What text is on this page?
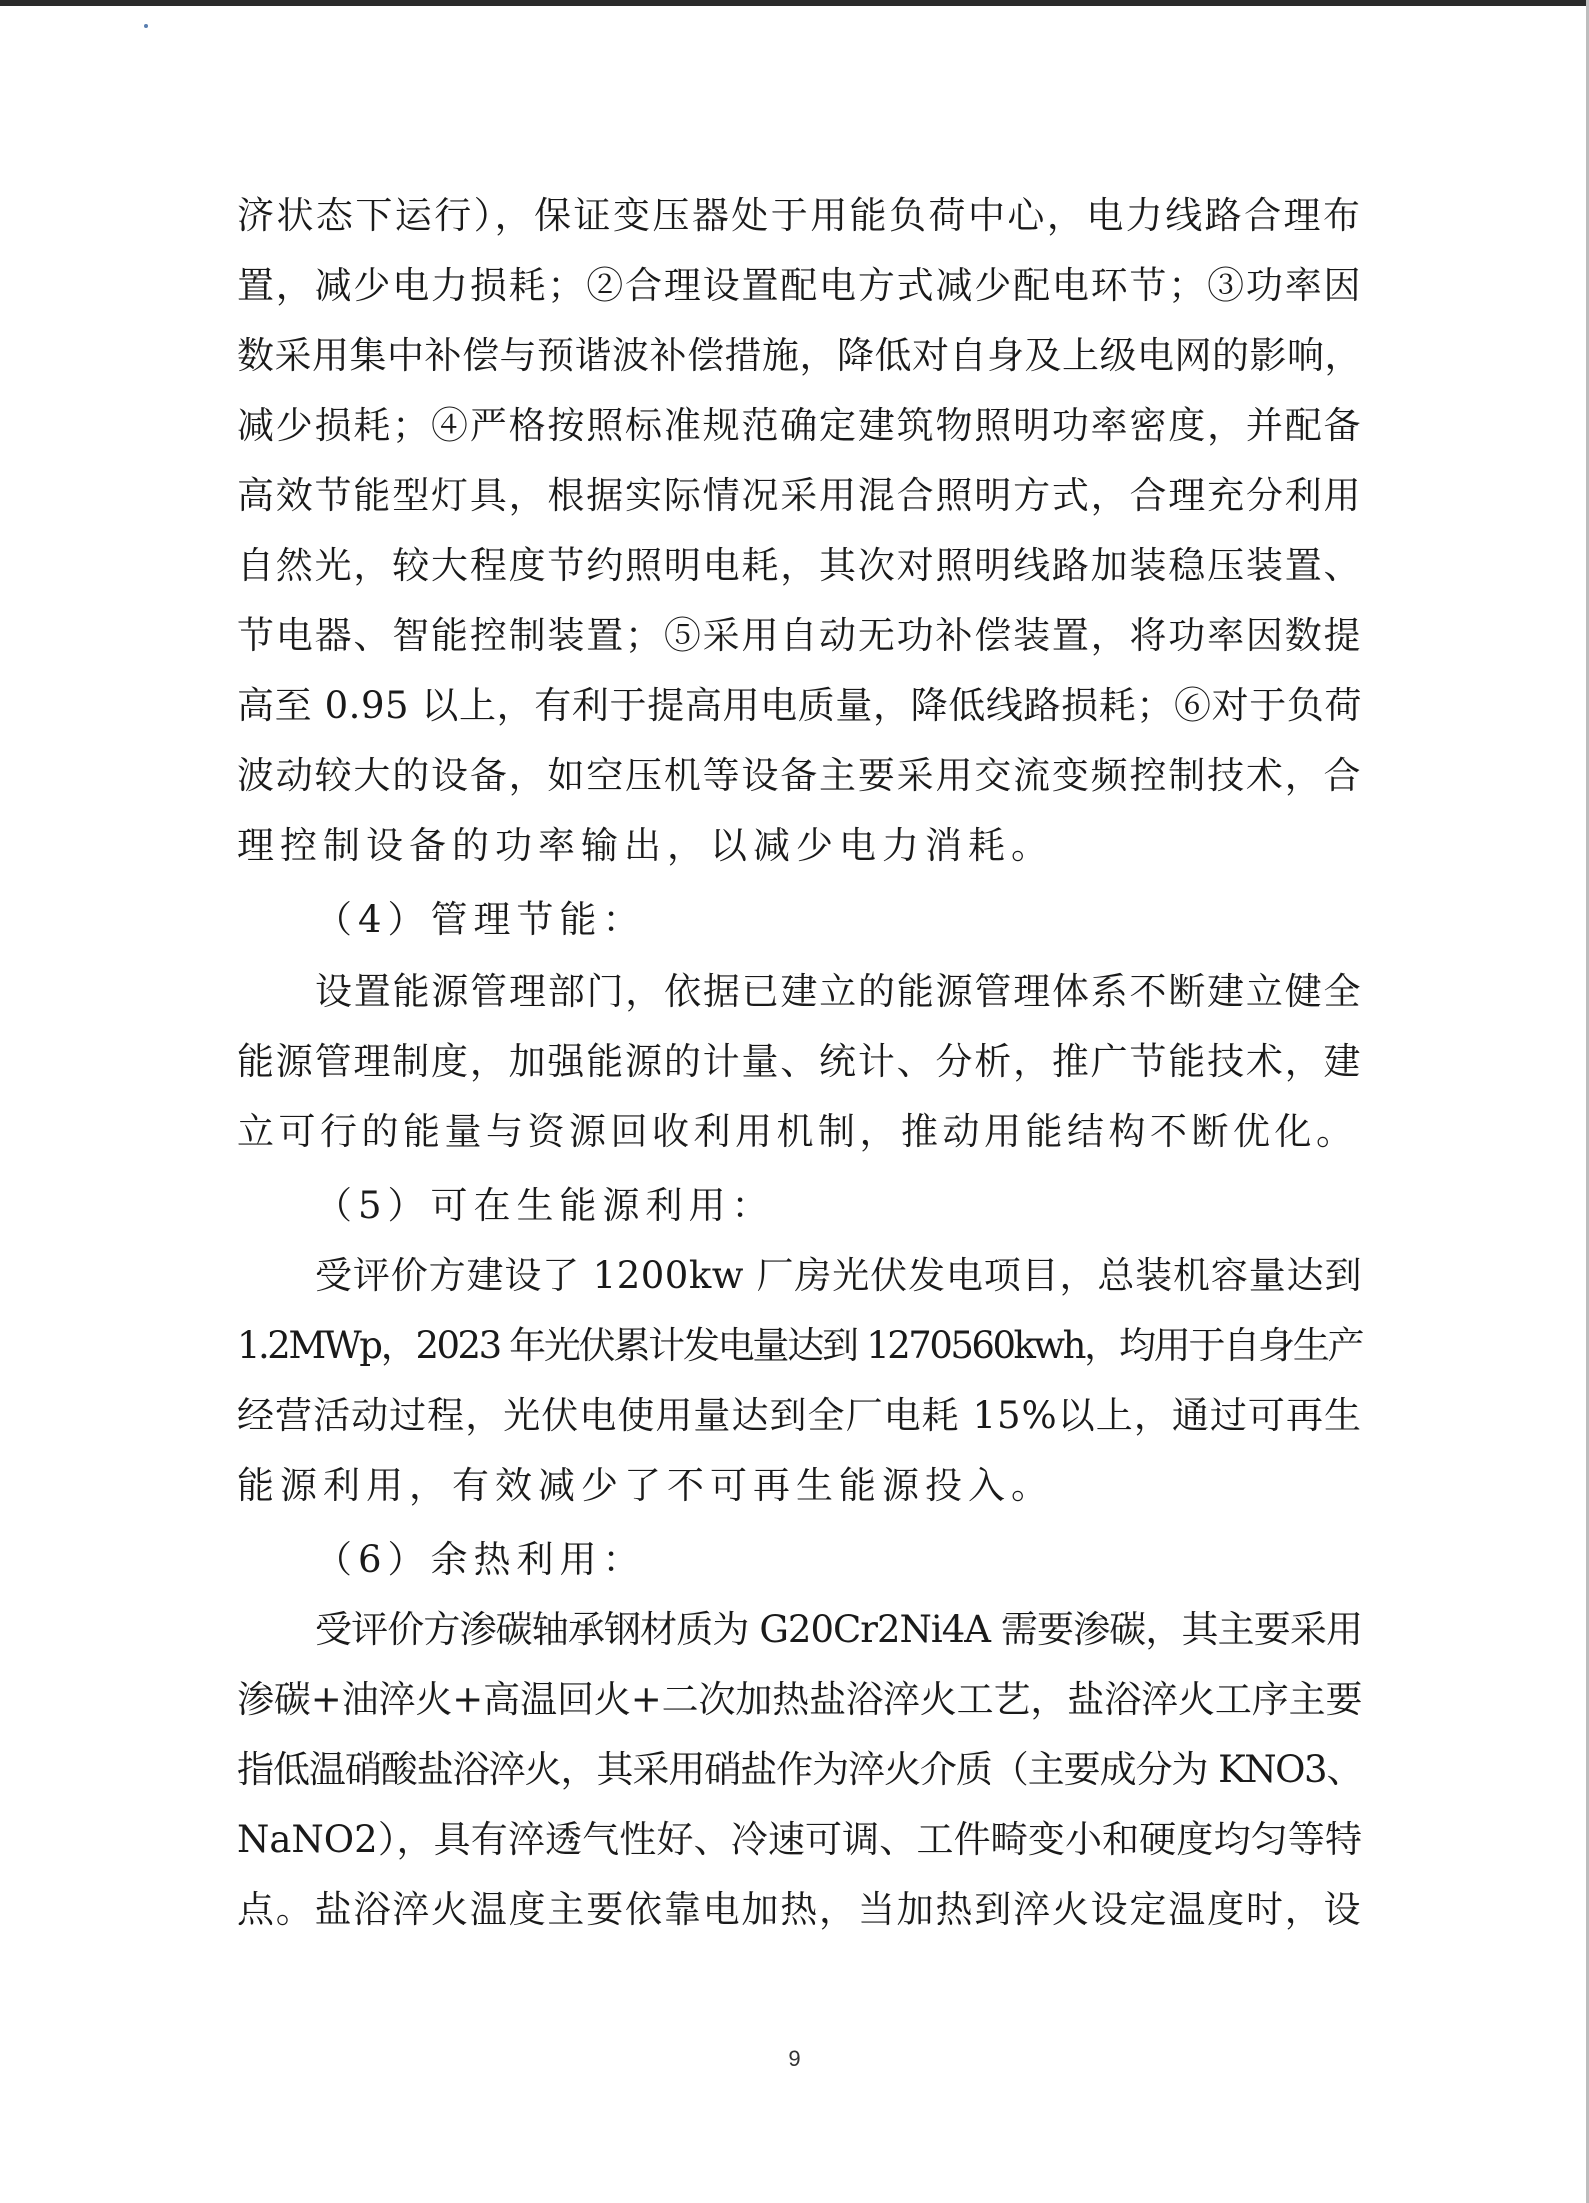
济状态下运行），保证变压器处于用能负荷中心，电力线路合理布
置，减少电力损耗；②合理设置配电方式减少配电环节；③功率因
数采用集中补偿与预谐波补偿措施，降低对自身及上级电网的影响，
减少损耗；④严格按照标准规范确定建筑物照明功率密度，并配备
高效节能型灯具，根据实际情况采用混合照明方式，合理充分利用
自然光，较大程度节约照明电耗，其次对照明线路加装稳压装置、
节电器、智能控制装置；⑤采用自动无功补偿装置，将功率因数提
高至 0.95 以上，有利于提高用电质量，降低线路损耗；⑥对于负荷
波动较大的设备，如空压机等设备主要采用交流变频控制技术，合
理控制设备的功率输出，以减少电力消耗。
（4）管理节能：
设置能源管理部门，依据已建立的能源管理体系不断建立健全
能源管理制度，加强能源的计量、统计、分析，推广节能技术，建
立可行的能量与资源回收利用机制，推动用能结构不断优化。
（5）可在生能源利用：
受评价方建设了 1200kw 厂房光伏发电项目，总装机容量达到
1.2MWp，2023 年光伏累计发电量达到 1270560kwh，均用于自身生产
经营活动过程，光伏电使用量达到全厂电耗 15%以上，通过可再生
能源利用，有效减少了不可再生能源投入。
（6）余热利用：
受评价方渗碳轴承钢材质为 G20Cr2Ni4A 需要渗碳，其主要采用
渗碳+油淬火+高温回火+二次加热盐浴淬火工艺，盐浴淬火工序主要
指低温硝酸盐浴淬火，其采用硝盐作为淬火介质（主要成分为 KNO3、
NaNO2），具有淬透气性好、冷速可调、工件畸变小和硬度均匀等特
点。盐浴淬火温度主要依靠电加热，当加热到淬火设定温度时，设
9
